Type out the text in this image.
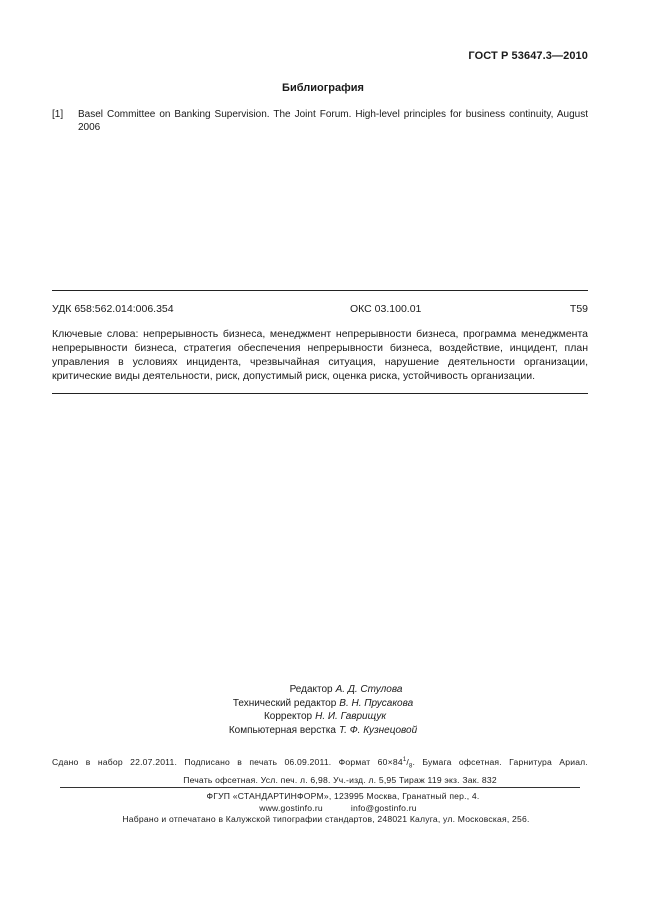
ГОСТ Р 53647.3—2010
Библиография
[1]	Basel Committee on Banking Supervision. The Joint Forum. High-level principles for business continuity, August 2006
УДК 658:562.014:006.354	ОКС 03.100.01	Т59
Ключевые слова: непрерывность бизнеса, менеджмент непрерывности бизнеса, программа менеджмента непрерывности бизнеса, стратегия обеспечения непрерывности бизнеса, воздействие, инцидент, план управления в условиях инцидента, чрезвычайная ситуация, нарушение деятельности организации, критические виды деятельности, риск, допустимый риск, оценка риска, устойчивость организации.
Редактор А. Д. Стулова
Технический редактор В. Н. Прусакова
Корректор Н. И. Гаврищук
Компьютерная верстка Т. Ф. Кузнецовой
Сдано в набор 22.07.2011. Подписано в печать 06.09.2011. Формат $60\times 84^1/_8$. Бумага офсетная. Гарнитура Ариал.
Печать офсетная. Усл. печ. л. 6,98. Уч.-изд. л. 5,95 Тираж 119 экз. Зак. 832
ФГУП «СТАНДАРТИНФОРМ», 123995 Москва, Гранатный пер., 4.
www.gostinfo.ru	info@gostinfo.ru
Набрано и отпечатано в Калужской типографии стандартов, 248021 Калуга, ул. Московская, 256.
